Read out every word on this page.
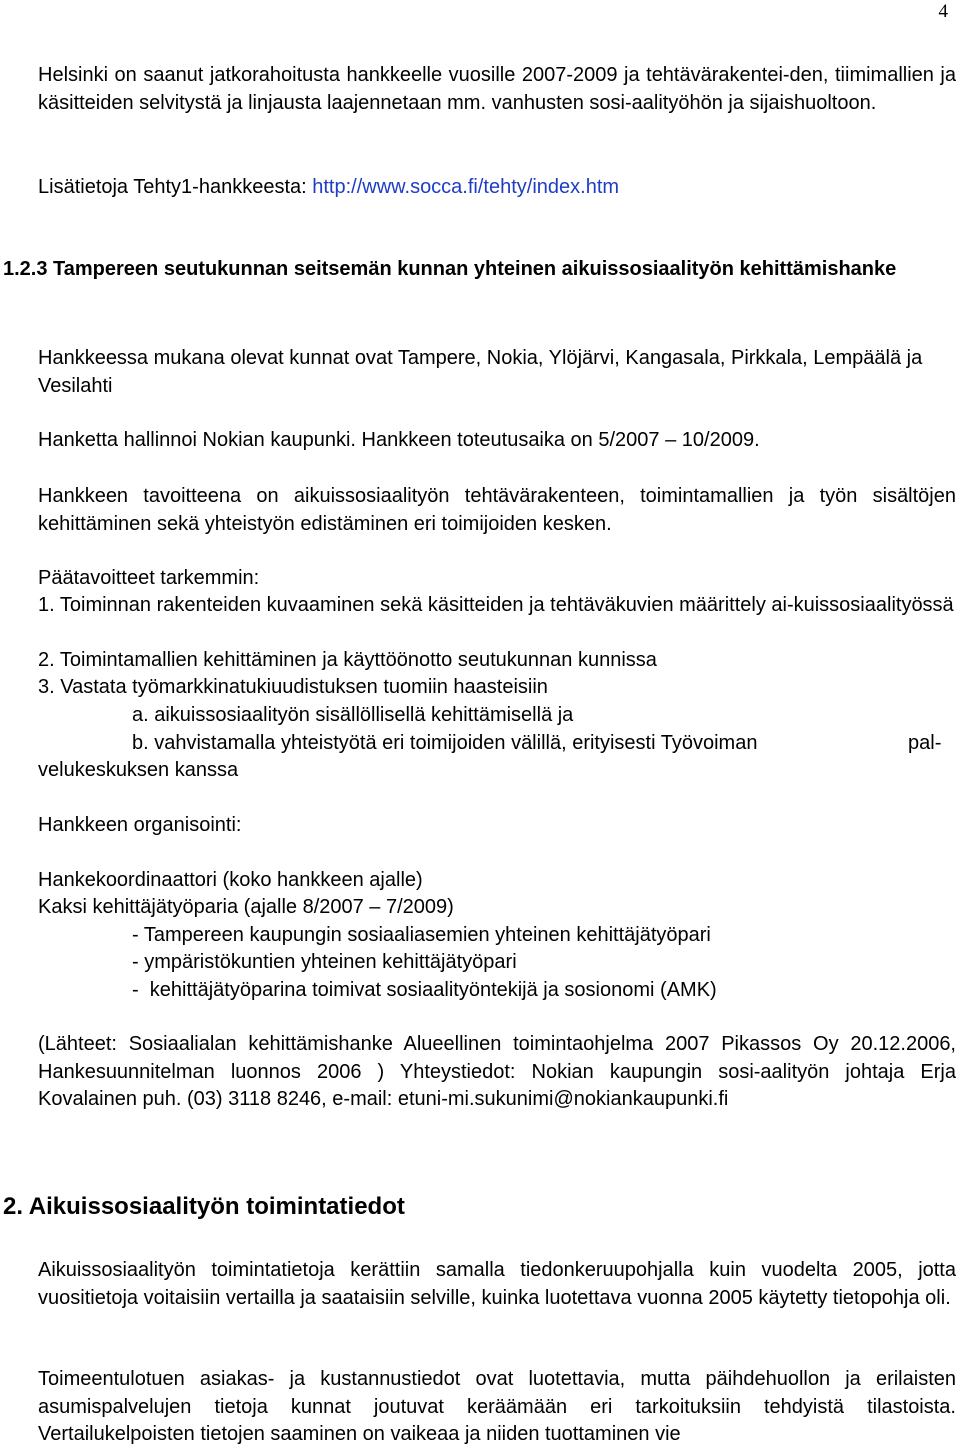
4

Helsinki on saanut jatkorahoitusta hankkeelle vuosille 2007-2009 ja tehtävärakentei-den, tiimimallien ja käsitteiden selvitystä ja linjausta laajennetaan mm. vanhusten sosi-aalityöhön ja sijaishuoltoon.

Lisätietoja Tehty1-hankkeesta: http://www.socca.fi/tehty/index.htm

1.2.3 Tampereen seutukunnan seitsemän kunnan yhteinen aikuissosiaalityön kehittämishanke

Hankkeessa mukana olevat kunnat ovat Tampere, Nokia, Ylöjärvi, Kangasala, Pirkkala, Lempäälä ja Vesilahti

Hanketta hallinnoi Nokian kaupunki. Hankkeen toteutusaika on 5/2007 – 10/2009.

Hankkeen tavoitteena on aikuissosiaalityön tehtävärakenteen, toimintamallien ja työn sisältöjen kehittäminen sekä yhteistyön edistäminen eri toimijoiden kesken.

Päätavoitteet tarkemmin:

1. Toiminnan rakenteiden kuvaaminen sekä käsitteiden ja tehtäväkuvien määrittely ai-kuissosiaalityössä

2. Toimintamallien kehittäminen ja käyttöönotto seutukunnan kunnissa

3. Vastata työmarkkinatukiuudistuksen tuomiin haasteisiin

a. aikuissosiaalityön sisällöllisellä kehittämisellä ja

b. vahvistamalla yhteistyötä eri toimijoiden välillä, erityisesti Työvoiman	pal-

velukeskuksen kanssa

Hankkeen organisointi:

Hankekoordinaattori (koko hankkeen ajalle)

Kaksi kehittäjätyöparia (ajalle 8/2007 – 7/2009)

- Tampereen kaupungin sosiaaliasemien yhteinen kehittäjätyöpari

- ympäristökuntien yhteinen kehittäjätyöpari

-  kehittäjätyöparina toimivat sosiaalityöntekijä ja sosionomi (AMK)

(Lähteet: Sosiaalialan kehittämishanke Alueellinen toimintaohjelma 2007 Pikassos Oy 20.12.2006, Hankesuunnitelman luonnos 2006 ) Yhteystiedot: Nokian kaupungin sosi-aalityön johtaja Erja Kovalainen puh. (03) 3118 8246, e-mail: etuni-mi.sukunimi@nokiankaupunki.fi

2. Aikuissosiaalityön toimintatiedot

Aikuissosiaalityön toimintatietoja kerättiin samalla tiedonkeruupohjalla kuin vuodelta 2005, jotta vuositietoja voitaisiin vertailla ja saataisiin selville, kuinka luotettava vuonna 2005 käytetty tietopohja oli.

Toimeentulotuen asiakas- ja kustannustiedot ovat luotettavia, mutta päihdehuollon ja erilaisten asumispalvelujen tietoja kunnat joutuvat keräämään eri tarkoituksiin tehdyistä tilastoista. Vertailukelpoisten tietojen saaminen on vaikeaa ja niiden tuottaminen vie
